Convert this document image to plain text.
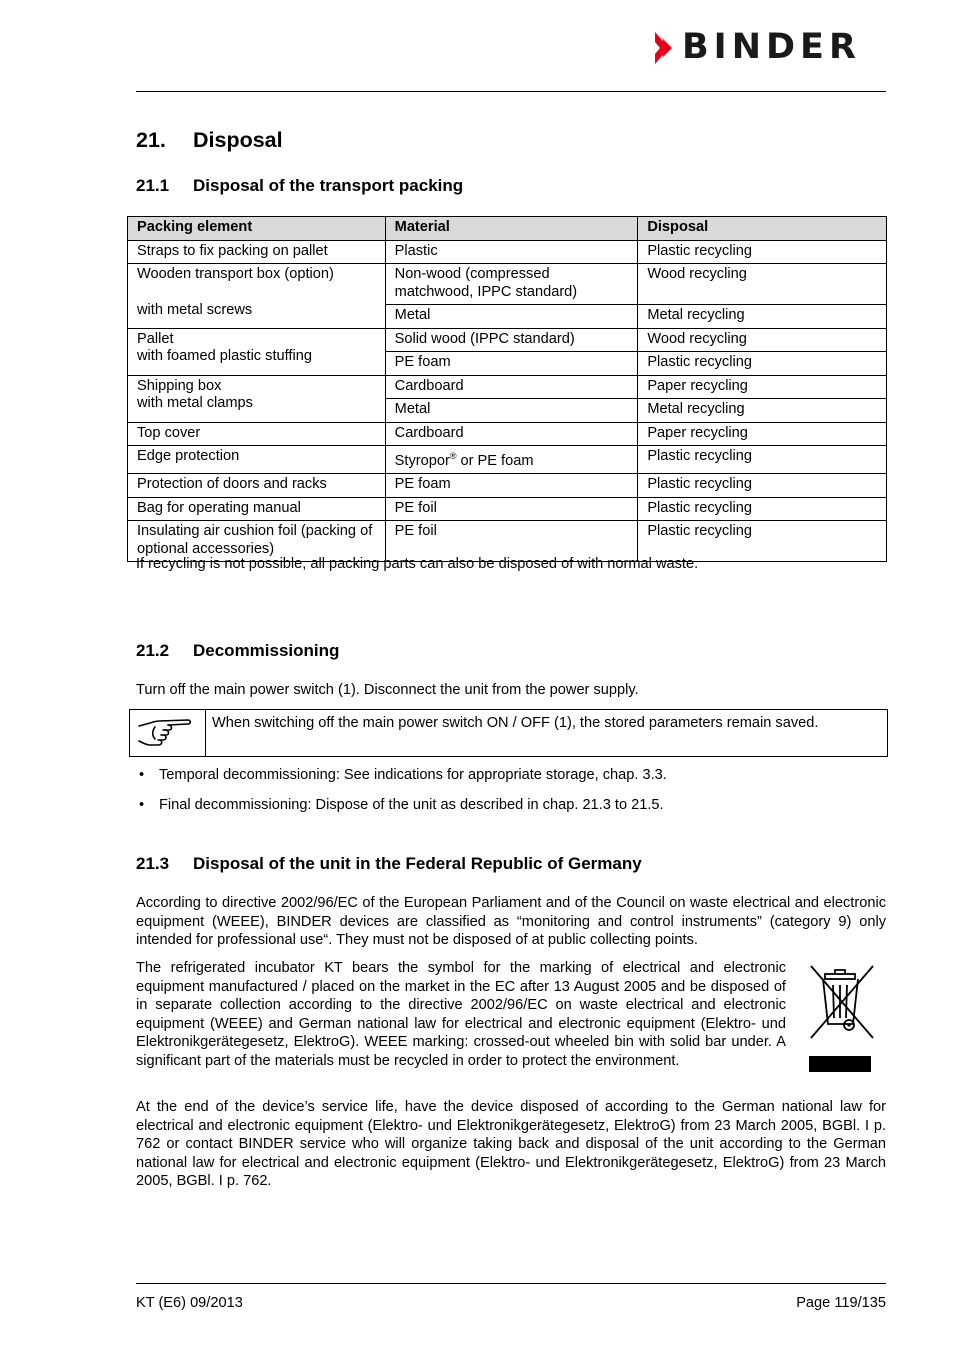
BINDER
21. Disposal
21.1 Disposal of the transport packing
Packing element	Material	Disposal
Straps to fix packing on pallet	Plastic	Plastic recycling

Wooden transport box (option)
with metal screws	Non-wood (compressed matchwood, IPPC standard)	Wood recycling
	Metal	Metal recycling

Pallet
with foamed plastic stuffing	Solid wood (IPPC standard)	Wood recycling
	PE foam	Plastic recycling

Shipping box
with metal clamps	Cardboard	Paper recycling
	Metal	Metal recycling
Top cover	Cardboard	Paper recycling
Edge protection	Styropor® or PE foam	Plastic recycling
Protection of doors and racks	PE foam	Plastic recycling
Bag for operating manual	PE foil	Plastic recycling
Insulating air cushion foil (packing of optional accessories)	PE foil	Plastic recycling

If recycling is not possible, all packing parts can also be disposed of with normal waste.

21.2 Decommissioning

Turn off the main power switch (1). Disconnect the unit from the power supply.

When switching off the main power switch ON / OFF (1), the stored parameters remain saved.
• Temporal decommissioning: See indications for appropriate storage, chap. 3.3.
• Final decommissioning: Dispose of the unit as described in chap. 21.3 to 21.5.
21.3 Disposal of the unit in the Federal Republic of Germany

According to directive 2002/96/EC of the European Parliament and of the Council on waste electrical and electronic equipment (WEEE), BINDER devices are classified as “monitoring and control instruments” (category 9) only intended for professional use“. They must not be disposed of at public collecting points.

The refrigerated incubator KT bears the symbol for the marking of electrical and electronic equipment manufactured / placed on the market in the EC after 13 August 2005 and be disposed of in separate collection according to the directive 2002/96/EC on waste electrical and electronic equipment (WEEE) and German national law for electrical and electronic equipment (Elektro- und Elektronikgerätegesetz, ElektroG). WEEE marking: crossed-out wheeled bin with solid bar under. A significant part of the materials must be recycled in order to protect the environment.

At the end of the device’s service life, have the device disposed of according to the German national law for electrical and electronic equipment (Elektro- und Elektronikgerätegesetz, ElektroG) from 23 March 2005, BGBl. I p. 762 or contact BINDER service who will organize taking back and disposal of the unit according to the German national law for electrical and electronic equipment (Elektro- und Elektronikgerätegesetz, ElektroG) from 23 March 2005, BGBl. I p. 762.

KT (E6) 09/2013	Page 119/135
